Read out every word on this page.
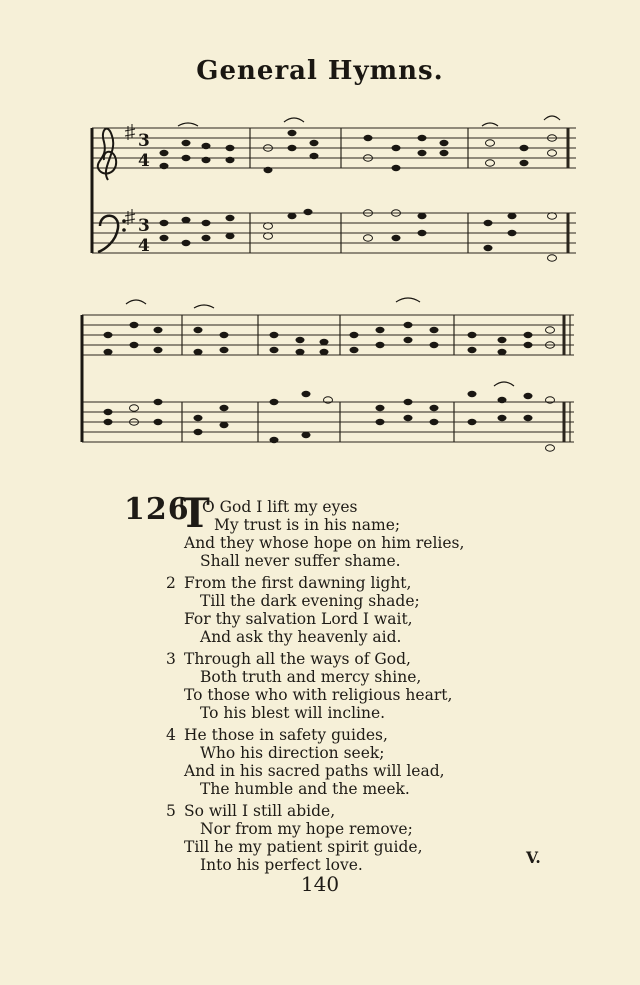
General Hymns.
3
4
3
4
126
T
O God I lift my eyes
My trust is in his name;
And they whose hope on him relies,
Shall never suffer shame.
2 From the first dawning light,
Till the dark evening shade;
For thy salvation Lord I wait,
And ask thy heavenly aid.
3 Through all the ways of God,
Both truth and mercy shine,
To those who with religious heart,
To his blest will incline.
4 He those in safety guides,
Who his direction seek;
And in his sacred paths will lead,
The humble and the meek.
5 So will I still abide,
Nor from my hope remove;
Till he my patient spirit guide,
Into his perfect love.	V.
140
